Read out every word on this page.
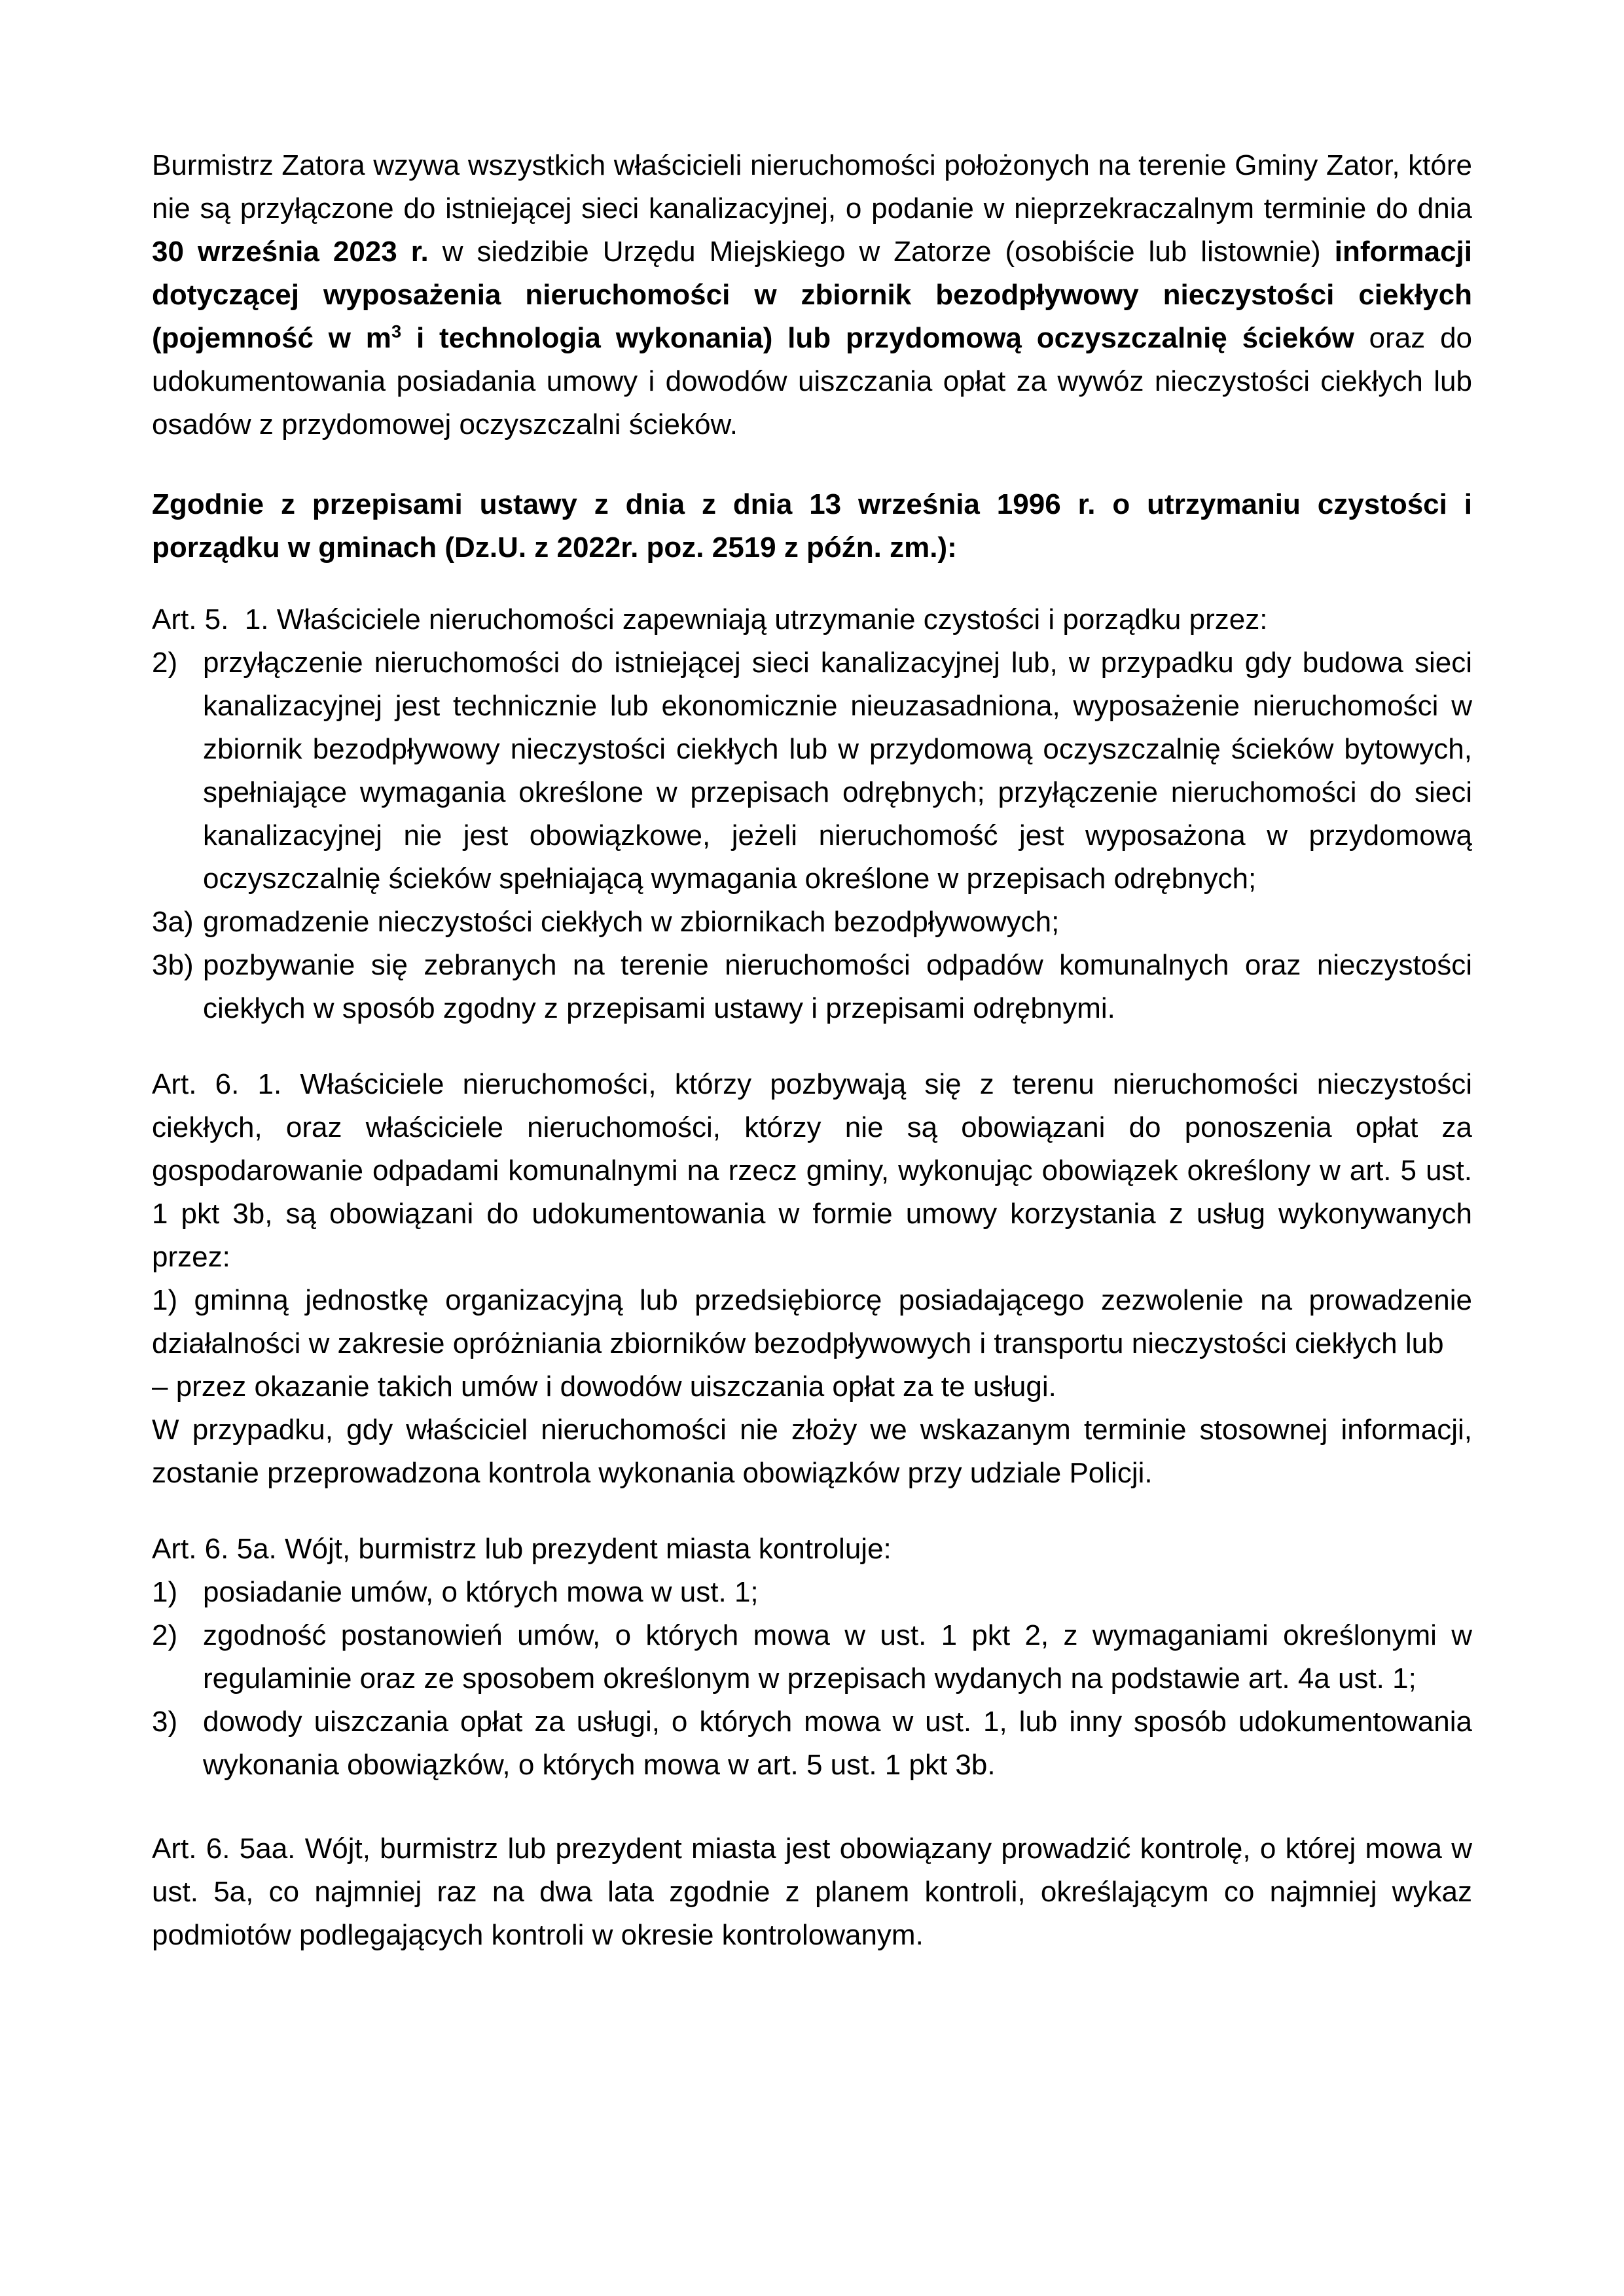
Burmistrz Zatora wzywa wszystkich właścicieli nieruchomości położonych na terenie Gminy Zator, które nie są przyłączone do istniejącej sieci kanalizacyjnej, o podanie w nieprzekraczalnym terminie do dnia 30 września 2023 r. w siedzibie Urzędu Miejskiego w Zatorze (osobiście lub listownie) informacji dotyczącej wyposażenia nieruchomości w zbiornik bezodpływowy nieczystości ciekłych (pojemność w $m^3$ i technologia wykonania) lub przydomową oczyszczalnię ścieków oraz do udokumentowania posiadania umowy i dowodów uiszczania opłat za wywóz nieczystości ciekłych lub osadów z przydomowej oczyszczalni ścieków.

Zgodnie z przepisami ustawy z dnia z dnia 13 września 1996 r. o utrzymaniu czystości i porządku w gminach (Dz.U. z 2022r. poz. 2519 z późn. zm.):

Art. 5.  1. Właściciele nieruchomości zapewniają utrzymanie czystości i porządku przez:

2) przyłączenie nieruchomości do istniejącej sieci kanalizacyjnej lub, w przypadku gdy budowa sieci kanalizacyjnej jest technicznie lub ekonomicznie nieuzasadniona, wyposażenie nieruchomości w zbiornik bezodpływowy nieczystości ciekłych lub w przydomową oczyszczalnię ścieków bytowych, spełniające wymagania określone w przepisach odrębnych; przyłączenie nieruchomości do sieci kanalizacyjnej nie jest obowiązkowe, jeżeli nieruchomość jest wyposażona w przydomową oczyszczalnię ścieków spełniającą wymagania określone w przepisach odrębnych;
3a) gromadzenie nieczystości ciekłych w zbiornikach bezodpływowych;
3b) pozbywanie się zebranych na terenie nieruchomości odpadów komunalnych oraz nieczystości ciekłych w sposób zgodny z przepisami ustawy i przepisami odrębnymi.

Art. 6. 1. Właściciele nieruchomości, którzy pozbywają się z terenu nieruchomości nieczystości ciekłych, oraz właściciele nieruchomości, którzy nie są obowiązani do ponoszenia opłat za gospodarowanie odpadami komunalnymi na rzecz gminy, wykonując obowiązek określony w art. 5 ust. 1 pkt 3b, są obowiązani do udokumentowania w formie umowy korzystania z usług wykonywanych przez:

1) gminną jednostkę organizacyjną lub przedsiębiorcę posiadającego zezwolenie na prowadzenie działalności w zakresie opróżniania zbiorników bezodpływowych i transportu nieczystości ciekłych lub

– przez okazanie takich umów i dowodów uiszczania opłat za te usługi.

W przypadku, gdy właściciel nieruchomości nie złoży we wskazanym terminie stosownej informacji, zostanie przeprowadzona kontrola wykonania obowiązków przy udziale Policji.

Art. 6. 5a. Wójt, burmistrz lub prezydent miasta kontroluje:

1) posiadanie umów, o których mowa w ust. 1;
2) zgodność postanowień umów, o których mowa w ust. 1 pkt 2, z wymaganiami określonymi w regulaminie oraz ze sposobem określonym w przepisach wydanych na podstawie art. 4a ust. 1;
3) dowody uiszczania opłat za usługi, o których mowa w ust. 1, lub inny sposób udokumentowania wykonania obowiązków, o których mowa w art. 5 ust. 1 pkt 3b.

Art. 6. 5aa. Wójt, burmistrz lub prezydent miasta jest obowiązany prowadzić kontrolę, o której mowa w ust. 5a, co najmniej raz na dwa lata zgodnie z planem kontroli, określającym co najmniej wykaz podmiotów podlegających kontroli w okresie kontrolowanym.
